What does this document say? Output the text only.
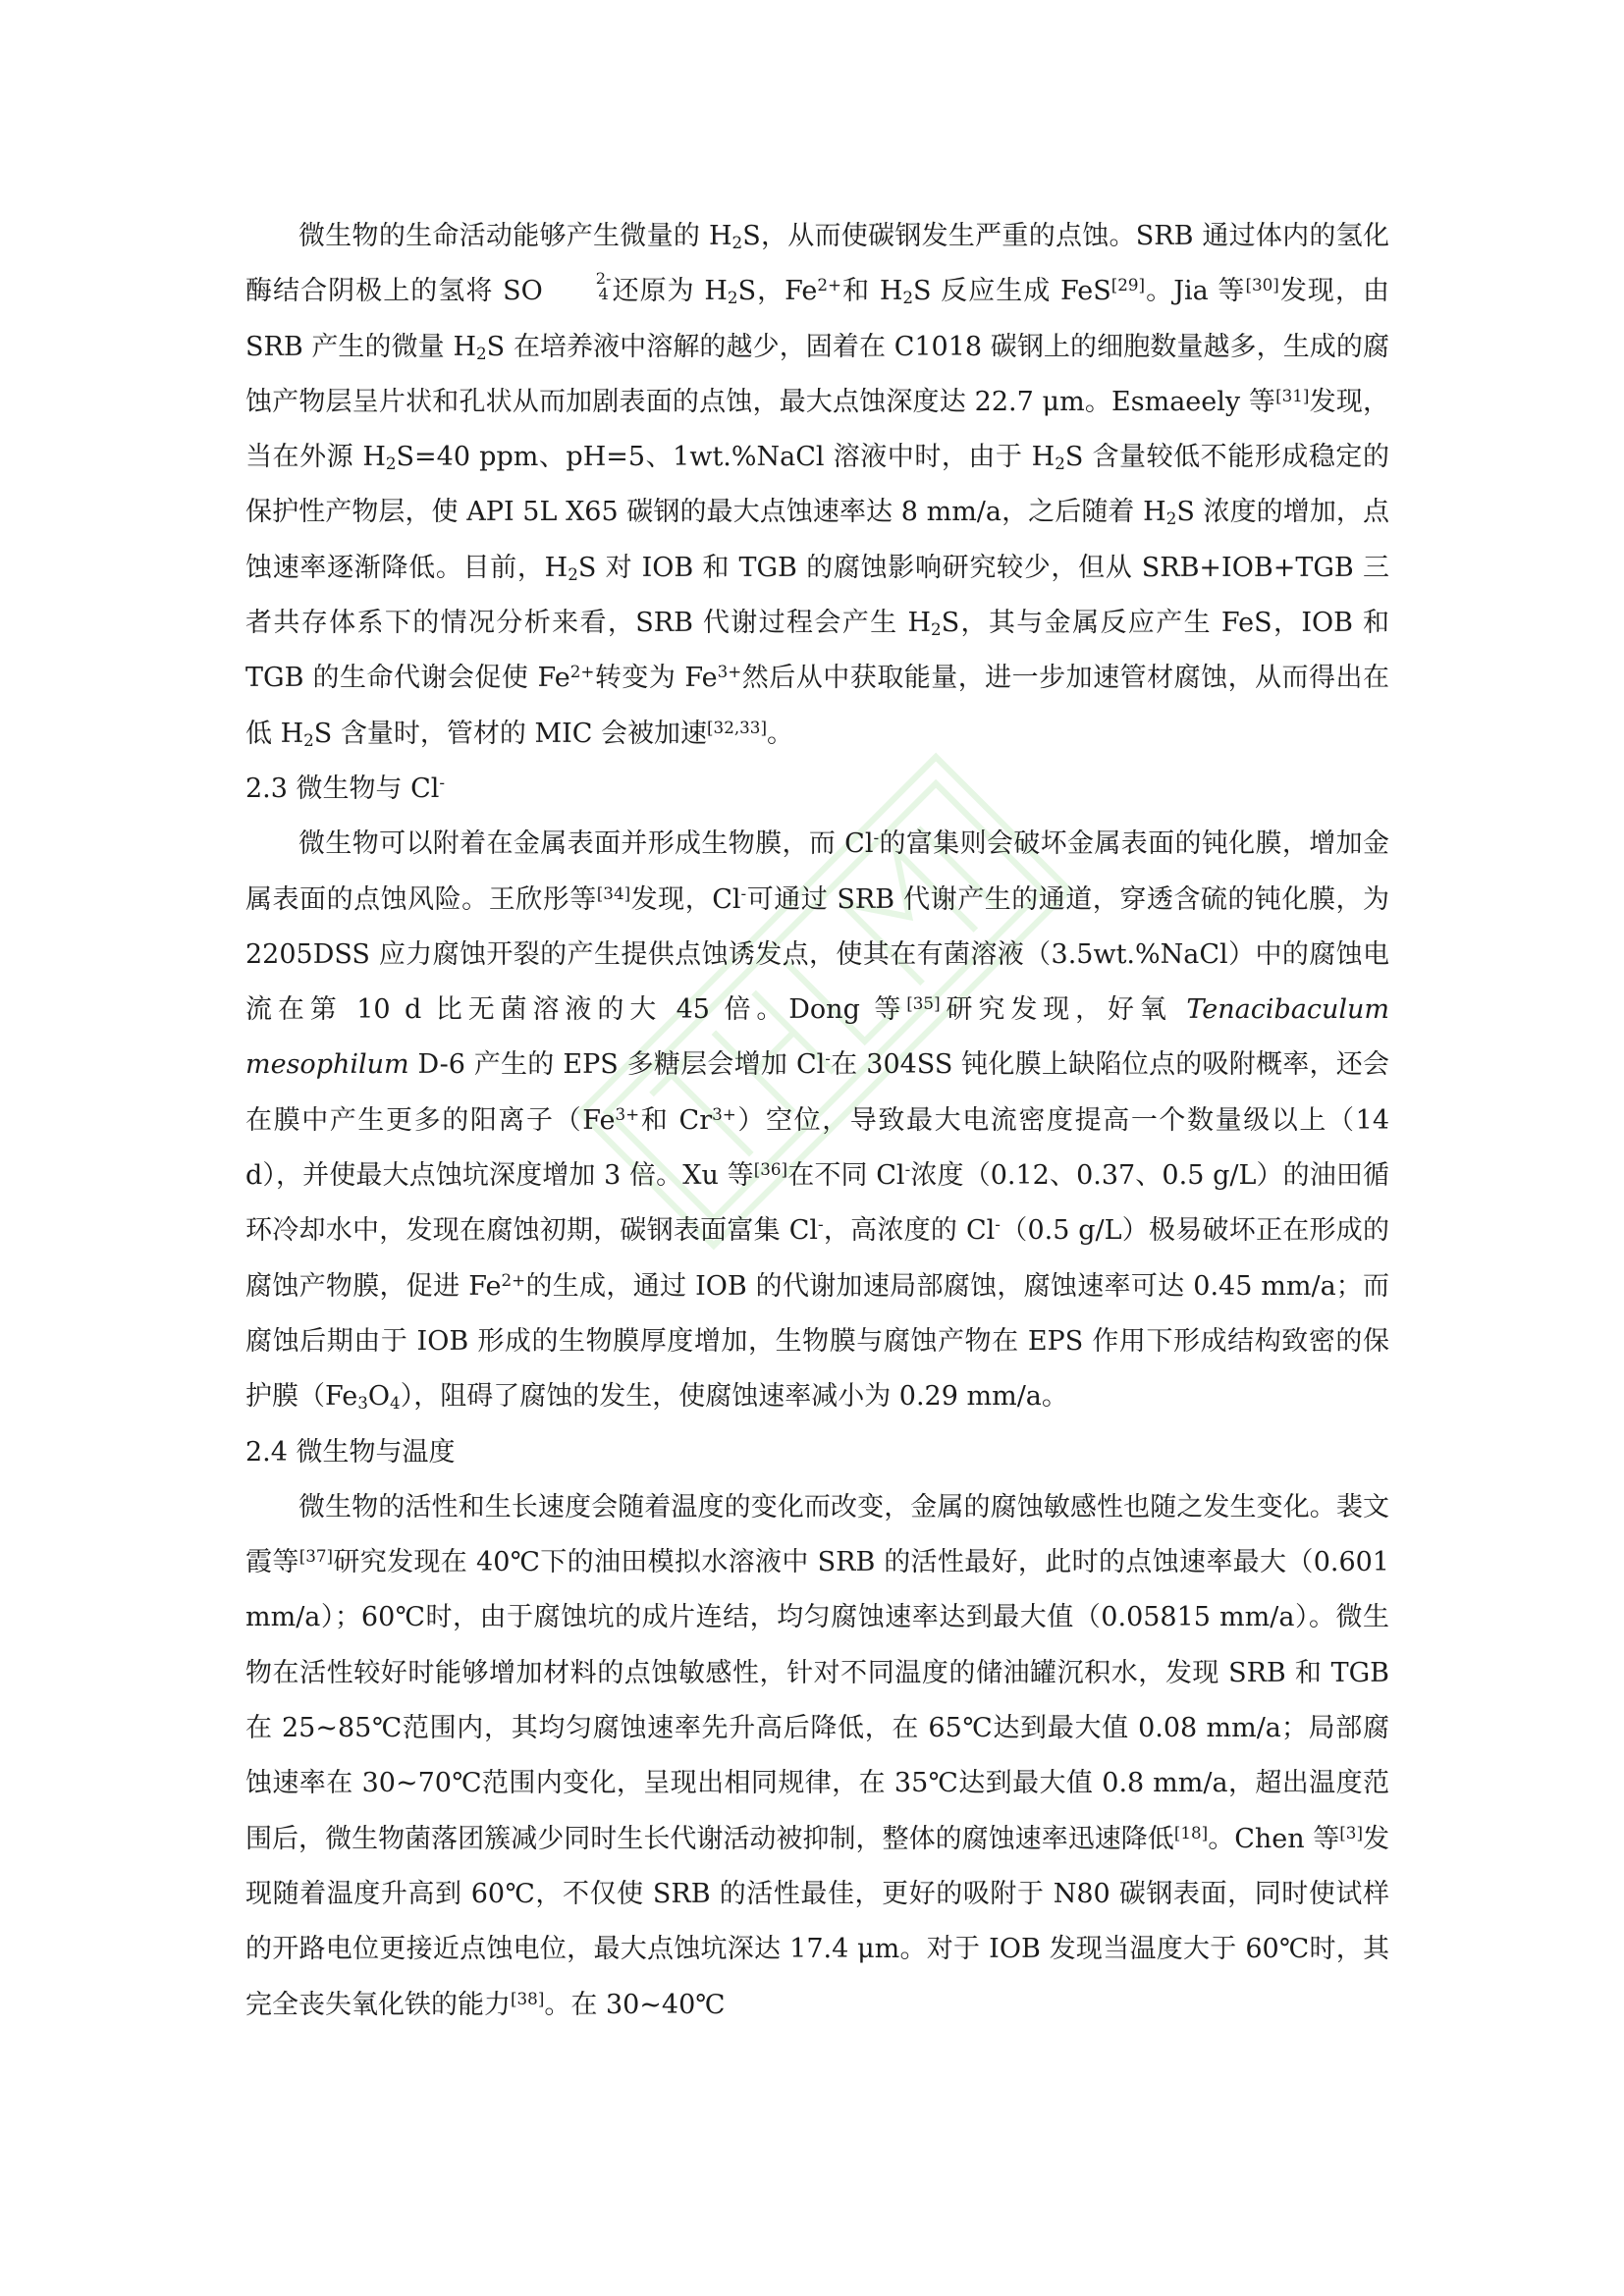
微生物的生命活动能够产生微量的 $H_2S$，从而使碳钢发生严重的点蚀。SRB 通过体内的氢化酶结合阴极上的氢将 SO	2-
4 还原为 $H_2S$，$Fe^{2+}$和 $H_2S$ 反应生成 FeS[29]。Jia 等[30]发现，由 SRB 产生的微量 $H_2S$ 在培养液中溶解的越少，固着在 C1018 碳钢上的细胞数量越多，生成的腐蚀产物层呈片状和孔状从而加剧表面的点蚀，最大点蚀深度达 22.7 μm。Esmaeely 等[31]发现，当在外源 $H_2S=40$ ppm、pH=5、1wt.%NaCl 溶液中时，由于 $H_2S$ 含量较低不能形成稳定的保护性产物层，使 API 5L X65 碳钢的最大点蚀速率达 8 mm/a，之后随着 $H_2S$ 浓度的增加，点蚀速率逐渐降低。目前，$H_2S$ 对 IOB 和 TGB 的腐蚀影响研究较少，但从 SRB+IOB+TGB 三者共存体系下的情况分析来看，SRB 代谢过程会产生 $H_2S$，其与金属反应产生 FeS，IOB 和 TGB 的生命代谢会促使 $Fe^{2+}$转变为 $Fe^{3+}$然后从中获取能量，进一步加速管材腐蚀，从而得出在低 $H_2S$ 含量时，管材的 MIC 会被加速[32,33]。

2.3 微生物与 Cl-

微生物可以附着在金属表面并形成生物膜，而 Cl-的富集则会破坏金属表面的钝化膜，增加金属表面的点蚀风险。王欣彤等[34]发现，Cl-可通过 SRB 代谢产生的通道，穿透含硫的钝化膜，为 2205DSS 应力腐蚀开裂的产生提供点蚀诱发点，使其在有菌溶液（3.5wt.%NaCl）中的腐蚀电流在第 10 d 比无菌溶液的大 45 倍。Dong 等[35]研究发现，好氧 Tenacibaculum mesophilum D-6 产生的 EPS 多糖层会增加 Cl-在 304SS 钝化膜上缺陷位点的吸附概率，还会在膜中产生更多的阳离子（$Fe^{3+}$和 $Cr^{3+}$）空位，导致最大电流密度提高一个数量级以上（14 d），并使最大点蚀坑深度增加 3 倍。Xu 等[36]在不同 Cl-浓度（0.12、0.37、0.5 g/L）的油田循环冷却水中，发现在腐蚀初期，碳钢表面富集 Cl-，高浓度的 Cl-（0.5 g/L）极易破坏正在形成的腐蚀产物膜，促进 $Fe^{2+}$的生成，通过 IOB 的代谢加速局部腐蚀，腐蚀速率可达 0.45 mm/a；而腐蚀后期由于 IOB 形成的生物膜厚度增加，生物膜与腐蚀产物在 EPS 作用下形成结构致密的保护膜$(Fe_3O_4)$，阻碍了腐蚀的发生，使腐蚀速率减小为 0.29 mm/a。

2.4 微生物与温度

微生物的活性和生长速度会随着温度的变化而改变，金属的腐蚀敏感性也随之发生变化。裴文霞等[37]研究发现在 40℃下的油田模拟水溶液中 SRB 的活性最好，此时的点蚀速率最大（0.601 mm/a）；60℃时，由于腐蚀坑的成片连结，均匀腐蚀速率达到最大值（0.05815 mm/a）。微生物在活性较好时能够增加材料的点蚀敏感性，针对不同温度的储油罐沉积水，发现 SRB 和 TGB 在 25~85℃范围内，其均匀腐蚀速率先升高后降低，在 65℃达到最大值 0.08 mm/a；局部腐蚀速率在 30~70℃范围内变化，呈现出相同规律，在 35℃达到最大值 0.8 mm/a，超出温度范围后，微生物菌落团簇减少同时生长代谢活动被抑制，整体的腐蚀速率迅速降低[18]。Chen 等[3]发现随着温度升高到 60℃，不仅使 SRB 的活性最佳，更好的吸附于 N80 碳钢表面，同时使试样的开路电位更接近点蚀电位，最大点蚀坑深达 17.4 μm。对于 IOB 发现当温度大于 60℃时，其完全丧失氧化铁的能力[38]。在 30~40℃
